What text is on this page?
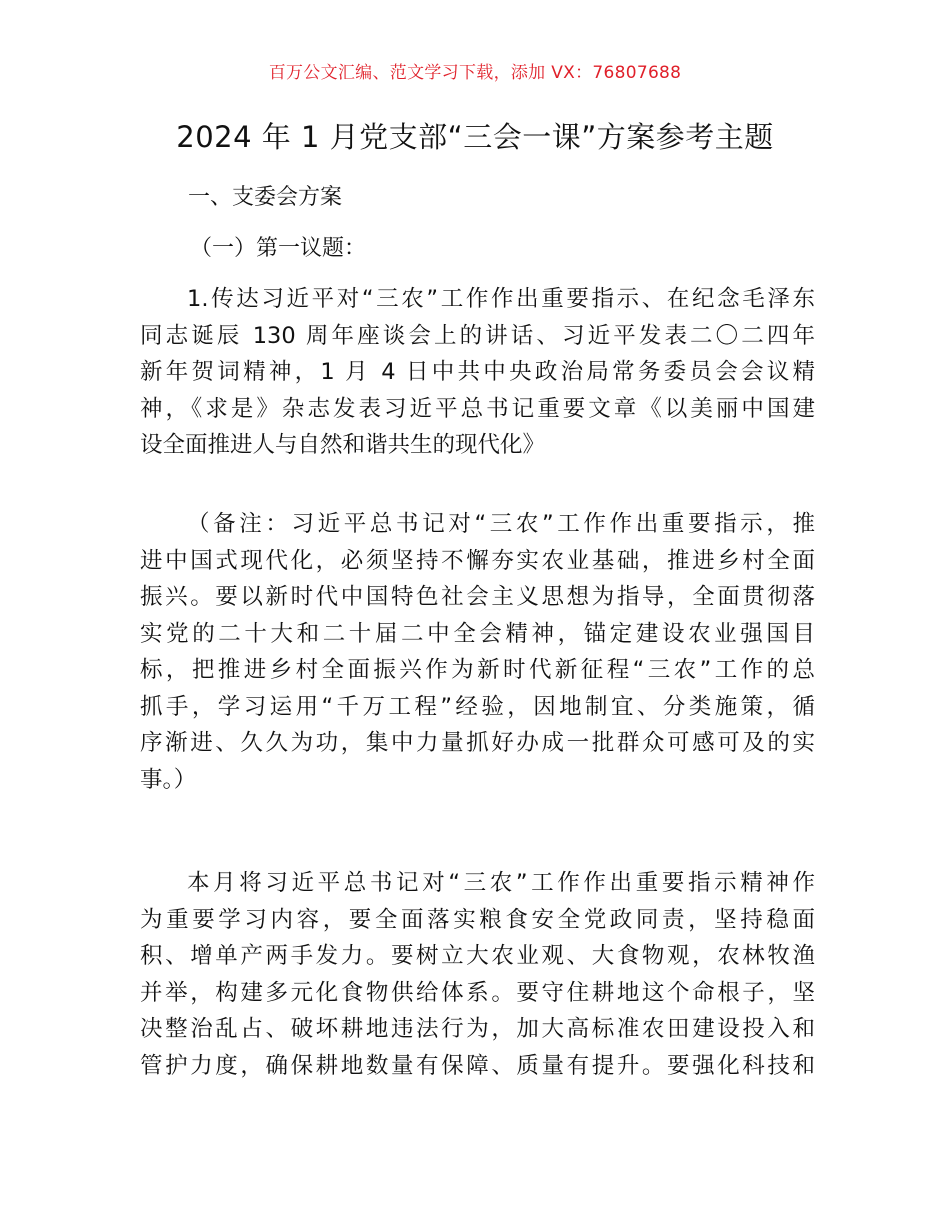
百万公文汇编、范文学习下载，添加 VX：76807688
2024 年 1 月党支部“三会一课”方案参考主题
一、支委会方案
（一）第一议题：
1.传达习近平对“三农”工作作出重要指示、在纪念毛泽东
同志诞辰 130 周年座谈会上的讲话、习近平发表二〇二四年
新年贺词精神，1 月 4 日中共中央政治局常务委员会会议精
神，《求是》杂志发表习近平总书记重要文章《以美丽中国建
设全面推进人与自然和谐共生的现代化》
（备注：习近平总书记对“三农”工作作出重要指示，推
进中国式现代化，必须坚持不懈夯实农业基础，推进乡村全面
振兴。要以新时代中国特色社会主义思想为指导，全面贯彻落
实党的二十大和二十届二中全会精神，锚定建设农业强国目
标，把推进乡村全面振兴作为新时代新征程“三农”工作的总
抓手，学习运用“千万工程”经验，因地制宜、分类施策，循
序渐进、久久为功，集中力量抓好办成一批群众可感可及的实
事。）
本月将习近平总书记对“三农”工作作出重要指示精神作
为重要学习内容，要全面落实粮食安全党政同责，坚持稳面
积、增单产两手发力。要树立大农业观、大食物观，农林牧渔
并举，构建多元化食物供给体系。要守住耕地这个命根子，坚
决整治乱占、破坏耕地违法行为，加大高标准农田建设投入和
管护力度，确保耕地数量有保障、质量有提升。要强化科技和
